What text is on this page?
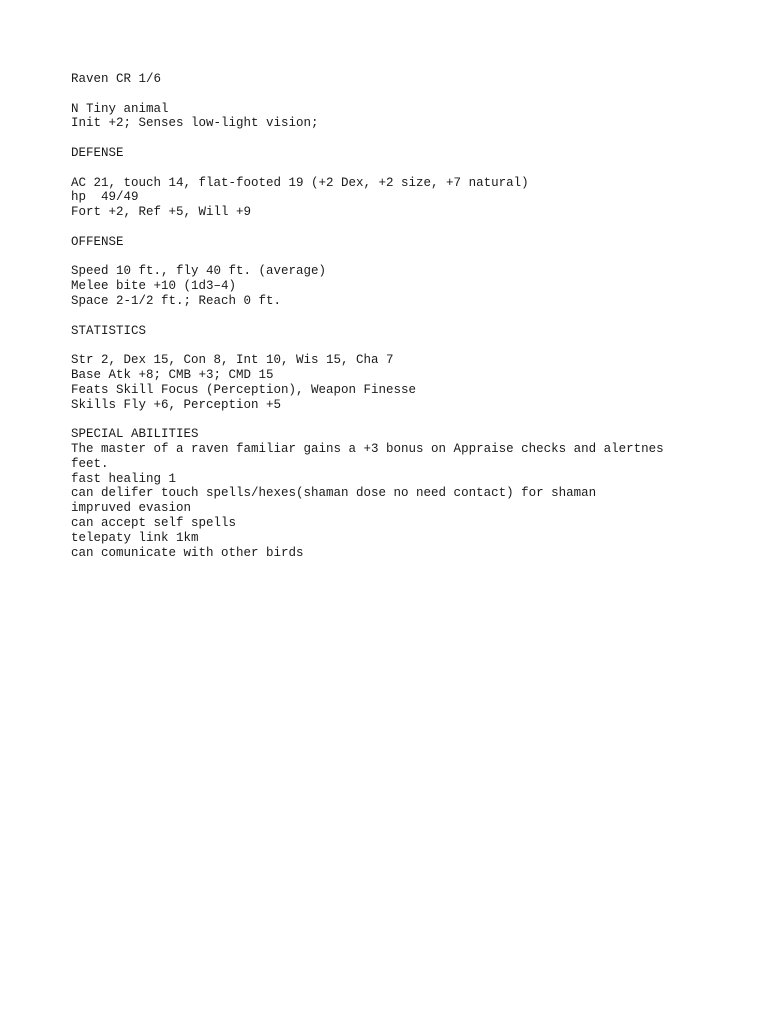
Raven CR 1/6
N Tiny animal
Init +2; Senses low-light vision;
DEFENSE
AC 21, touch 14, flat-footed 19 (+2 Dex, +2 size, +7 natural)
hp  49/49
Fort +2, Ref +5, Will +9
OFFENSE
Speed 10 ft., fly 40 ft. (average)
Melee bite +10 (1d3–4)
Space 2-1/2 ft.; Reach 0 ft.
STATISTICS
Str 2, Dex 15, Con 8, Int 10, Wis 15, Cha 7
Base Atk +8; CMB +3; CMD 15
Feats Skill Focus (Perception), Weapon Finesse
Skills Fly +6, Perception +5
SPECIAL ABILITIES
The master of a raven familiar gains a +3 bonus on Appraise checks and alertnes
feet.
fast healing 1
can delifer touch spells/hexes(shaman dose no need contact) for shaman
impruved evasion
can accept self spells
telepaty link 1km
can comunicate with other birds
